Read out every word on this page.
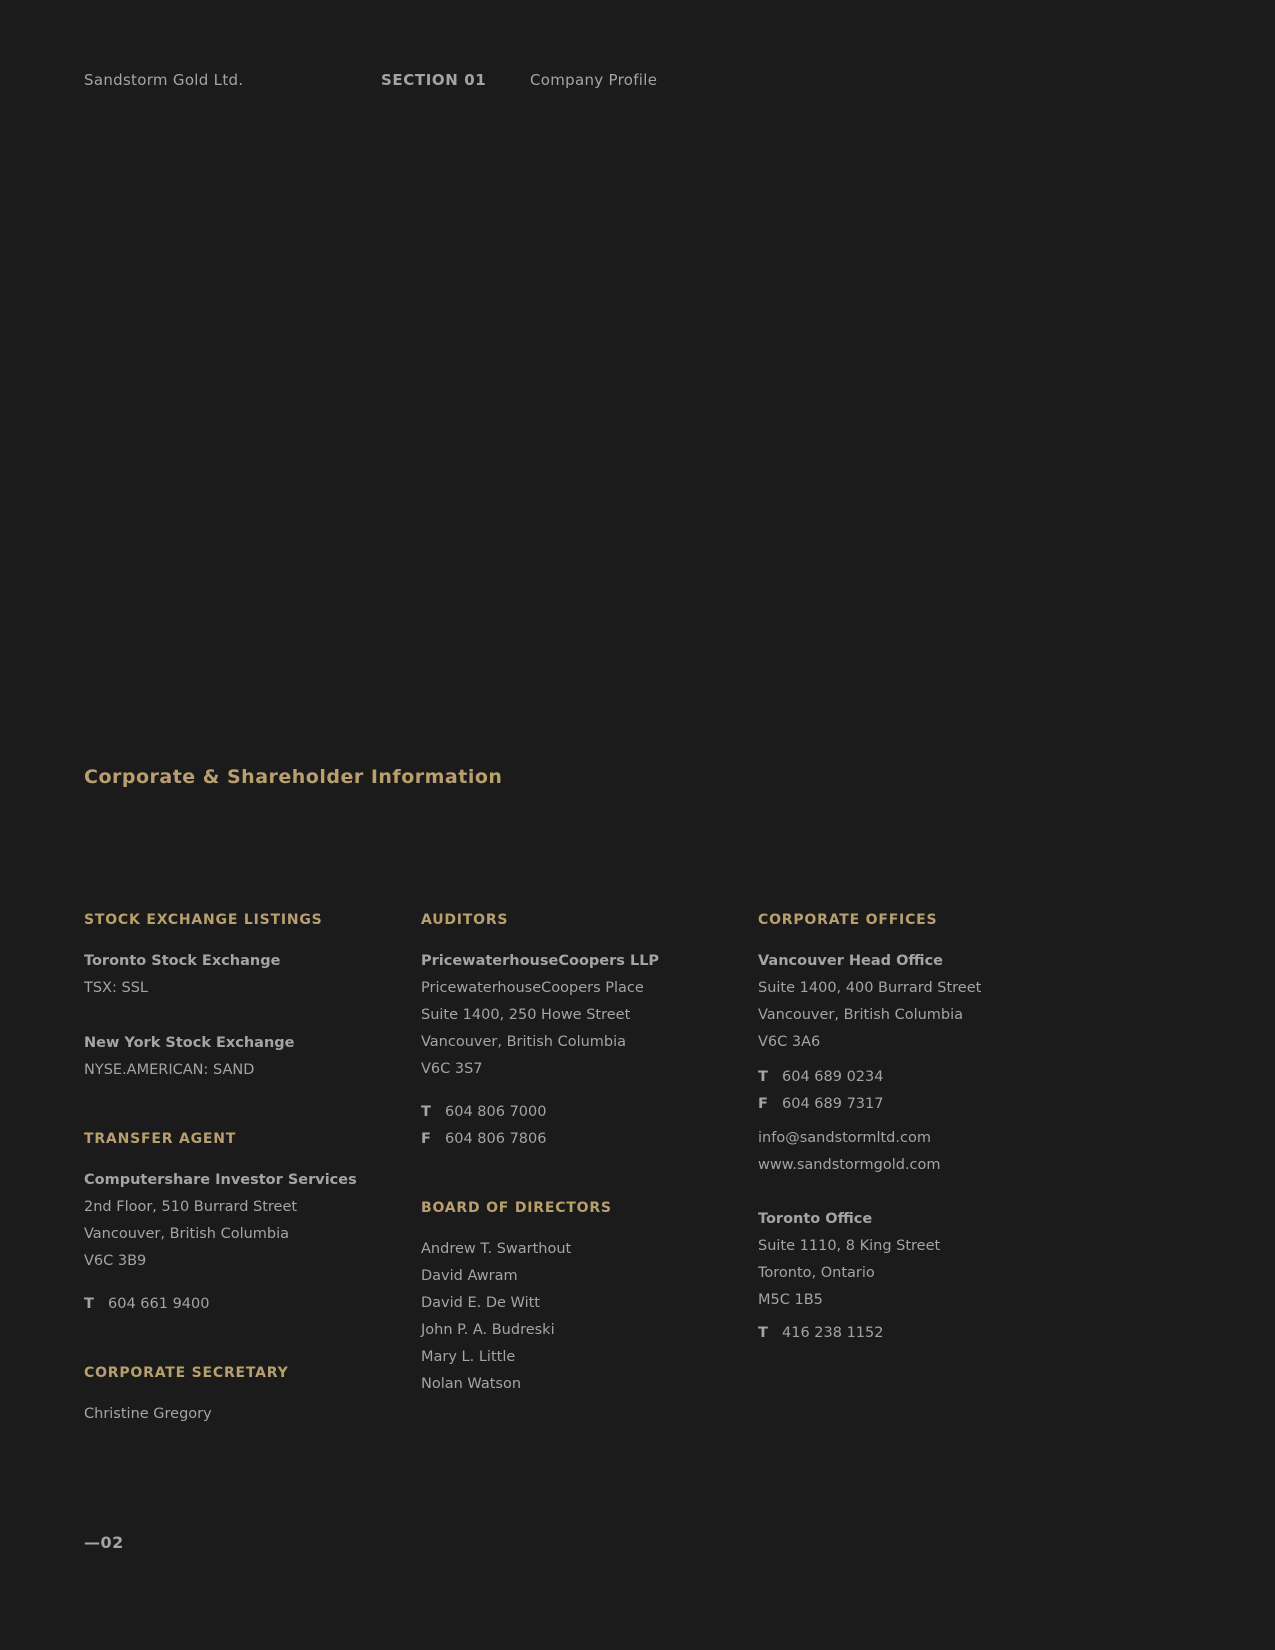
Sandstorm Gold Ltd.	SECTION 01	Company Profile
Corporate & Shareholder Information
STOCK EXCHANGE LISTINGS
Toronto Stock Exchange
TSX: SSL
New York Stock Exchange
NYSE.AMERICAN: SAND
TRANSFER AGENT
Computershare Investor Services
2nd Floor, 510 Burrard Street
Vancouver, British Columbia
V6C 3B9
T 604 661 9400
CORPORATE SECRETARY
Christine Gregory
AUDITORS
PricewaterhouseCoopers LLP
PricewaterhouseCoopers Place
Suite 1400, 250 Howe Street
Vancouver, British Columbia
V6C 3S7
T 604 806 7000
F 604 806 7806
BOARD OF DIRECTORS
Andrew T. Swarthout
David Awram
David E. De Witt
John P. A. Budreski
Mary L. Little
Nolan Watson
CORPORATE OFFICES
Vancouver Head Office
Suite 1400, 400 Burrard Street
Vancouver, British Columbia
V6C 3A6
T 604 689 0234
F 604 689 7317
info@sandstormltd.com
www.sandstormgold.com
Toronto Office
Suite 1110, 8 King Street
Toronto, Ontario
M5C 1B5
T 416 238 1152
—02
